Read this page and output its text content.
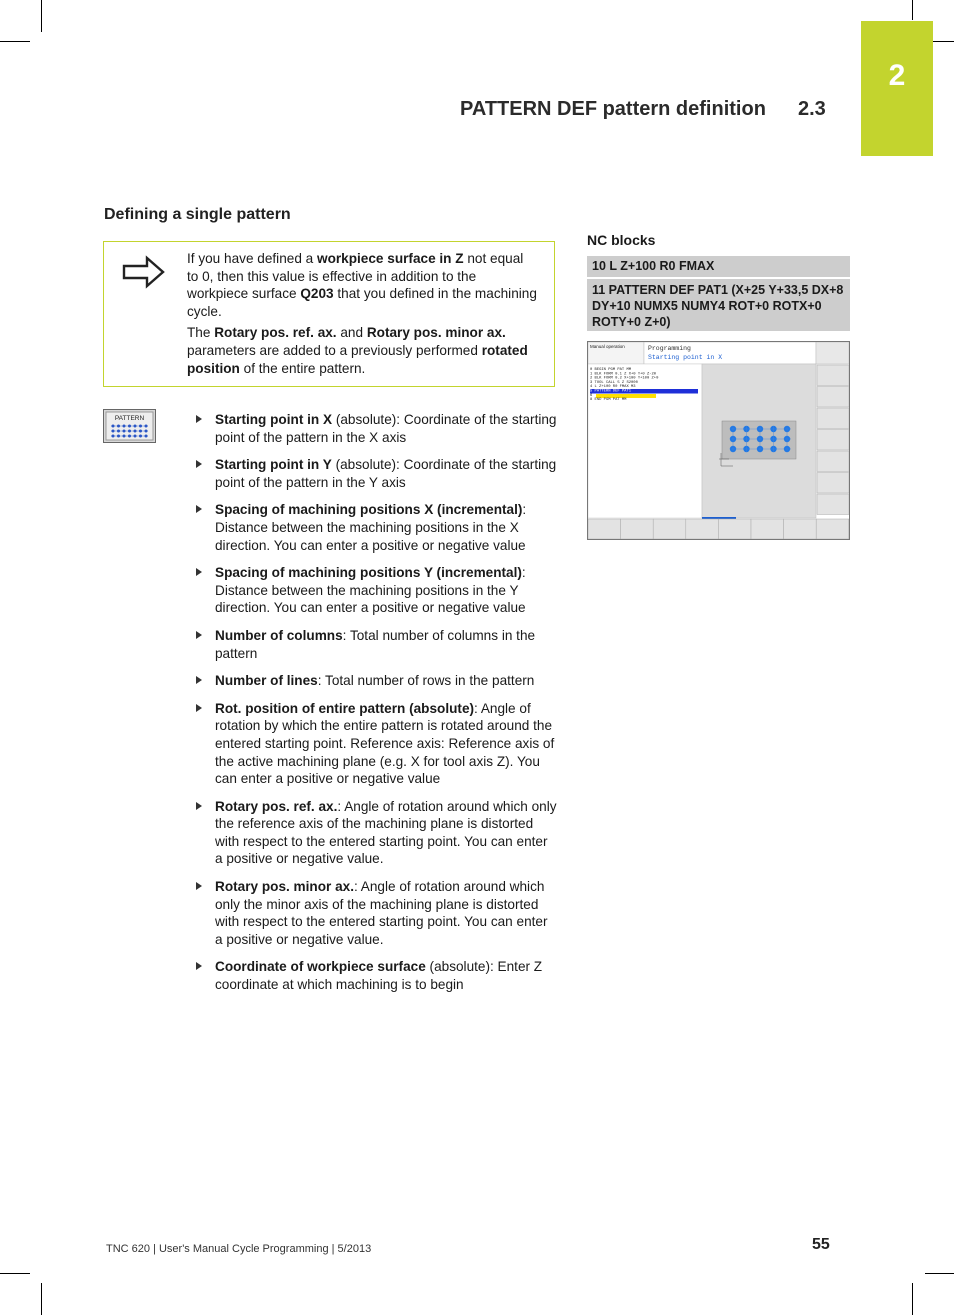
2
PATTERN DEF pattern definition 2.3
Defining a single pattern

If you have defined a workpiece surface in Z not equal to 0, then this value is effective in addition to the workpiece surface Q203 that you defined in the machining cycle.

The Rotary pos. ref. ax. and Rotary pos. minor ax. parameters are added to a previously performed rotated position of the entire pattern.

PATTERN	Starting point in X (absolute): Coordinate of the starting point of the pattern in the X axis
Starting point in Y (absolute): Coordinate of the starting point of the pattern in the Y axis
Spacing of machining positions X (incremental): Distance between the machining positions in the X direction. You can enter a positive or negative value
Spacing of machining positions Y (incremental): Distance between the machining positions in the Y direction. You can enter a positive or negative value
Number of columns: Total number of columns in the pattern
Number of lines: Total number of rows in the pattern
Rot. position of entire pattern (absolute): Angle of rotation by which the entire pattern is rotated around the entered starting point. Reference axis: Reference axis of the active machining plane (e.g. X for tool axis Z). You can enter a positive or negative value
Rotary pos. ref. ax.: Angle of rotation around which only the reference axis of the machining plane is distorted with respect to the entered starting point. You can enter a positive or negative value.
Rotary pos. minor ax.: Angle of rotation around which only the minor axis of the machining plane is distorted with respect to the entered starting point. You can enter a positive or negative value.
Coordinate of workpiece surface (absolute): Enter Z coordinate at which machining is to begin
NC blocks
10 L Z+100 R0 FMAX
11 PATTERN DEF PAT1 (X+25 Y+33,5 DX+8 DY+10 NUMX5 NUMY4 ROT+0 ROTX+0 ROTY+0 Z+0)
Manual operation	Programming
Starting point in X
0 BEGIN PGM PAT MM
1 BLK FORM 0.1 Z X+0 Y+0 Z-20
2 BLK FORM 0.2 X+100 Y+100 Z+0
3 TOOL CALL 5 Z S2000
4 L Z+100 R0 FMAX M3
5 PATTERN DEF PAT1
6
8 END PGM PAT MM
TNC 620 | User's Manual Cycle Programming | 5/2013	55
